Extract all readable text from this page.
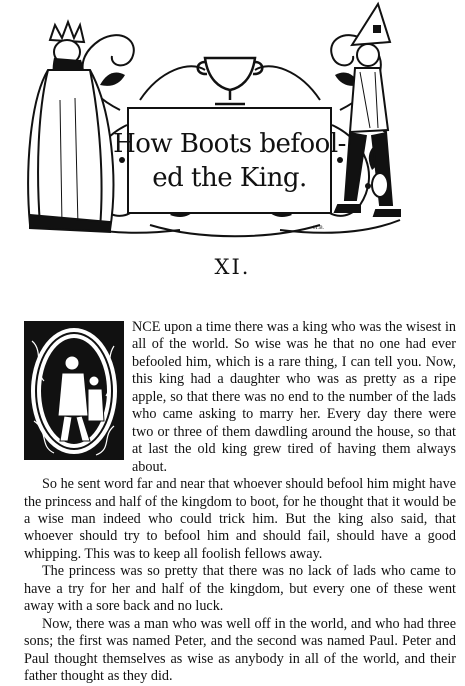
How Boots befool-
ed the King.
H.B.
XI.

NCE upon a time there was a king who was the wisest in all of the world. So wise was he that no one had ever befooled him, which is a rare thing, I can tell you. Now, this king had a daughter who was as pretty as a ripe apple, so that there was no end to the number of the lads who came asking to marry her. Every day there were two or three of them dawdling around the house, so that at last the old king grew tired of having them always about.

So he sent word far and near that whoever should befool him might have the princess and half of the kingdom to boot, for he thought that it would be a wise man indeed who could trick him. But the king also said, that whoever should try to befool him and should fail, should have a good whipping. This was to keep all foolish fellows away.

The princess was so pretty that there was no lack of lads who came to have a try for her and half of the kingdom, but every one of these went away with a sore back and no luck.

Now, there was a man who was well off in the world, and who had three sons; the first was named Peter, and the second was named Paul. Peter and Paul thought themselves as wise as anybody in all of the world, and their father thought as they did.
